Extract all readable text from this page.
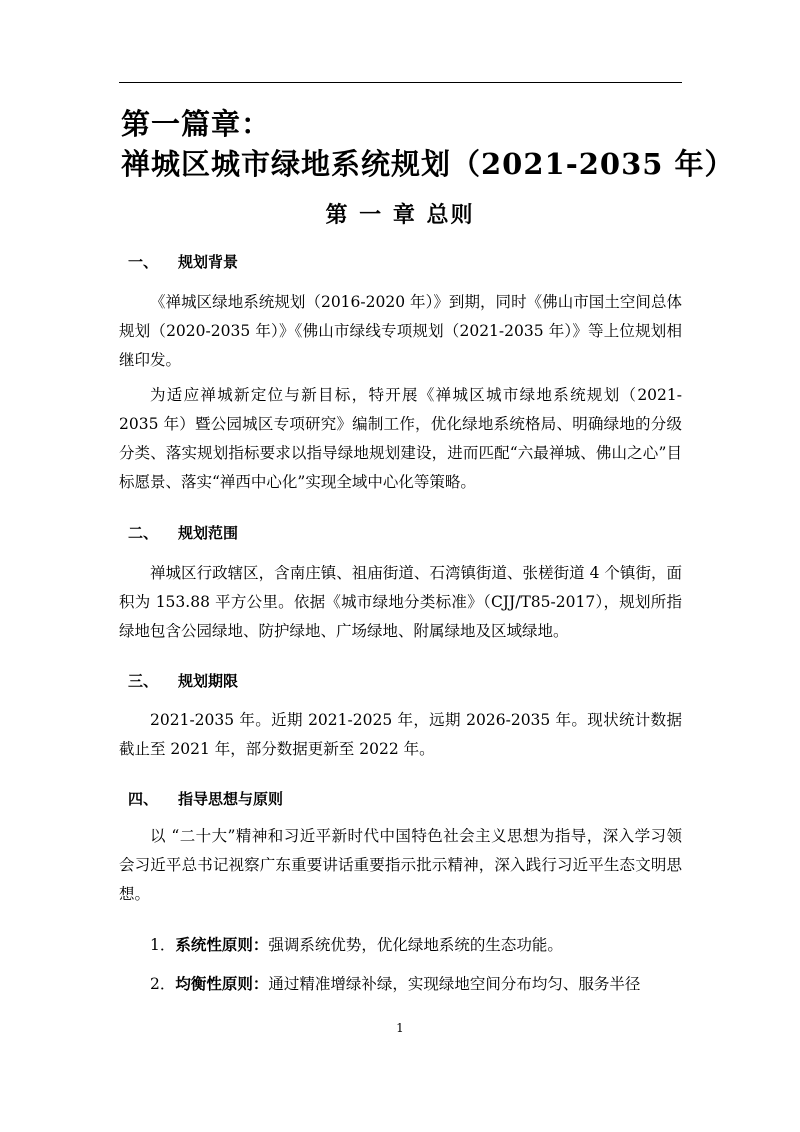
第一篇章：
禅城区城市绿地系统规划（2021-2035 年）
第 一 章 总则
一、 规划背景
《禅城区绿地系统规划（2016-2020 年）》到期，同时《佛山市国土空间总体规划（2020-2035 年）》《佛山市绿线专项规划（2021-2035 年）》等上位规划相继印发。
为适应禅城新定位与新目标，特开展《禅城区城市绿地系统规划（2021-2035 年）暨公园城区专项研究》编制工作，优化绿地系统格局、明确绿地的分级分类、落实规划指标要求以指导绿地规划建设，进而匹配“六最禅城、佛山之心”目标愿景、落实“禅西中心化”实现全域中心化等策略。
二、 规划范围
禅城区行政辖区，含南庄镇、祖庙街道、石湾镇街道、张槎街道 4 个镇街，面积为 153.88 平方公里。依据《城市绿地分类标准》（CJJ/T85-2017），规划所指绿地包含公园绿地、防护绿地、广场绿地、附属绿地及区域绿地。
三、 规划期限
2021-2035 年。近期 2021-2025 年，远期 2026-2035 年。现状统计数据截止至 2021 年，部分数据更新至 2022 年。
四、 指导思想与原则
以 “二十大”精神和习近平新时代中国特色社会主义思想为指导，深入学习领会习近平总书记视察广东重要讲话重要指示批示精神，深入践行习近平生态文明思想。
1．系统性原则：强调系统优势，优化绿地系统的生态功能。
2．均衡性原则：通过精准增绿补绿，实现绿地空间分布均匀、服务半径
1
